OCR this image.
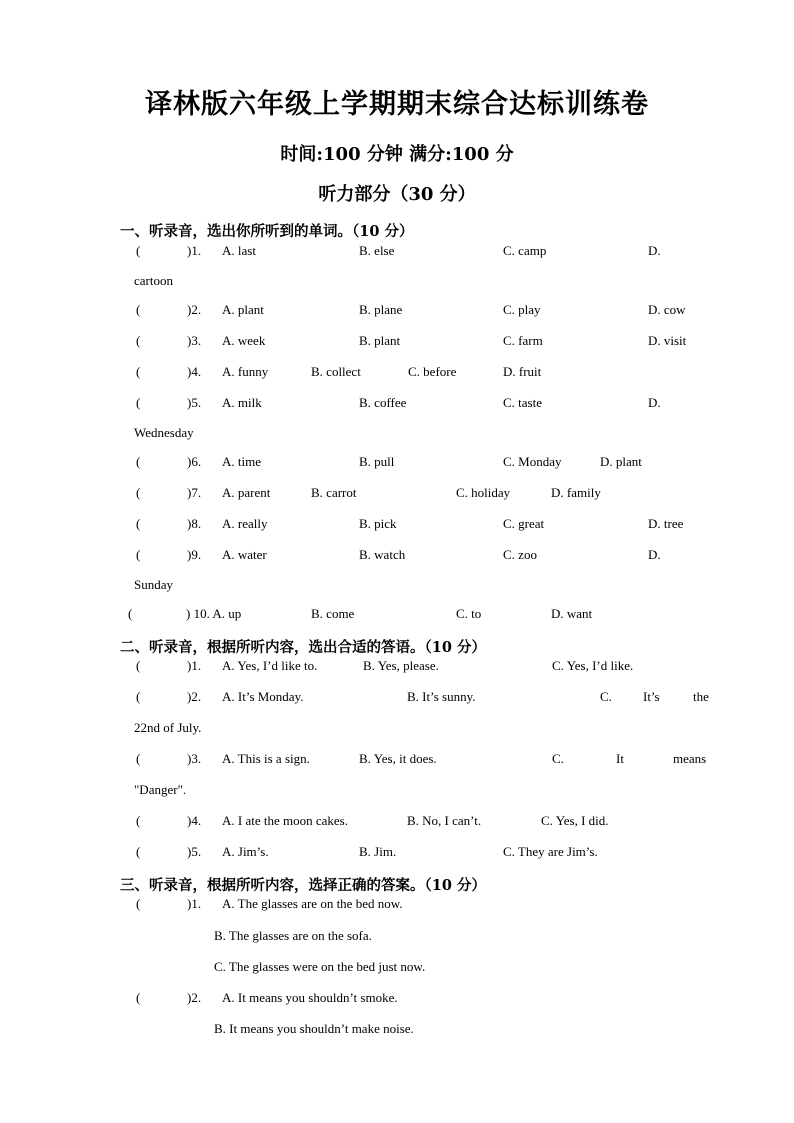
译林版六年级上学期期末综合达标训练卷
时间:100 分钟 满分:100 分
听力部分（30 分）
一、听录音，选出你所听到的单词。（10 分）
(	)1. A. last	B. else	C. camp	D.
cartoon
(	)2. A. plant	B. plane	C. play	D. cow
(	)3. A. week	B. plant	C. farm	D. visit
(	)4. A. funny	B. collect	C. before	D. fruit
(	)5. A. milk	B. coffee	C. taste	D.
Wednesday
(	)6. A. time	B. pull	C. Monday	D. plant
(	)7. A. parent	B. carrot	C. holiday	D. family
(	)8. A. really	B. pick	C. great	D. tree
(	)9. A. water	B. watch	C. zoo	D.
Sunday
(	) 10. A. up	B. come	C. to	D. want
二、听录音，根据所听内容，选出合适的答语。（10 分）
(	)1. A. Yes, I’d like to.	B. Yes, please.	C. Yes, I’d like.
(	)2. A. It’s Monday.	B. It’s sunny.	C. It’s	the
22nd of July.
(	)3. A. This is a sign.	B. Yes, it does.	C.	It	means
"Danger".
(	)4. A. I ate the moon cakes.	B. No, I can’t.	C. Yes, I did.
(	)5. A. Jim’s.	B. Jim.	C. They are Jim’s.
三、听录音，根据所听内容，选择正确的答案。（10 分）
(	)1. A. The glasses are on the bed now.
B. The glasses are on the sofa.
C. The glasses were on the bed just now.
(	)2. A. It means you shouldn’t smoke.
B. It means you shouldn’t make noise.
